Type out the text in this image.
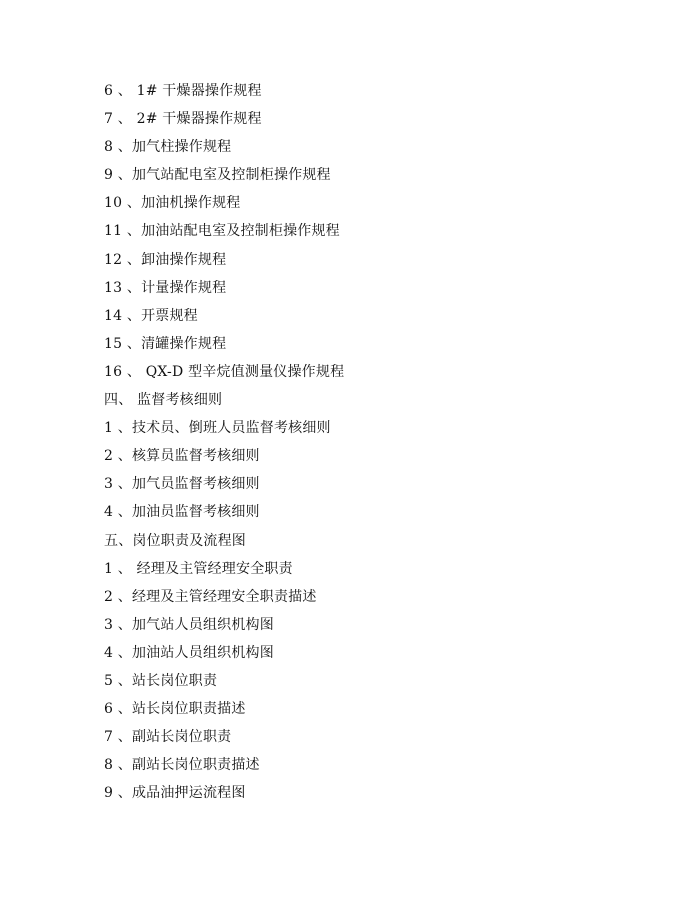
6 、 1# 干燥器操作规程
7 、 2# 干燥器操作规程
8 、加气柱操作规程
9 、加气站配电室及控制柜操作规程
10 、加油机操作规程
11 、加油站配电室及控制柜操作规程
12 、卸油操作规程
13 、计量操作规程
14 、开票规程
15 、清罐操作规程
16 、 QX-D 型辛烷值测量仪操作规程
四、 监督考核细则
1 、技术员、倒班人员监督考核细则
2 、核算员监督考核细则
3 、加气员监督考核细则
4 、加油员监督考核细则
五、岗位职责及流程图
1 、 经理及主管经理安全职责
2 、经理及主管经理安全职责描述
3 、加气站人员组织机构图
4 、加油站人员组织机构图
5 、站长岗位职责
6 、站长岗位职责描述
7 、副站长岗位职责
8 、副站长岗位职责描述
9 、成品油押运流程图
